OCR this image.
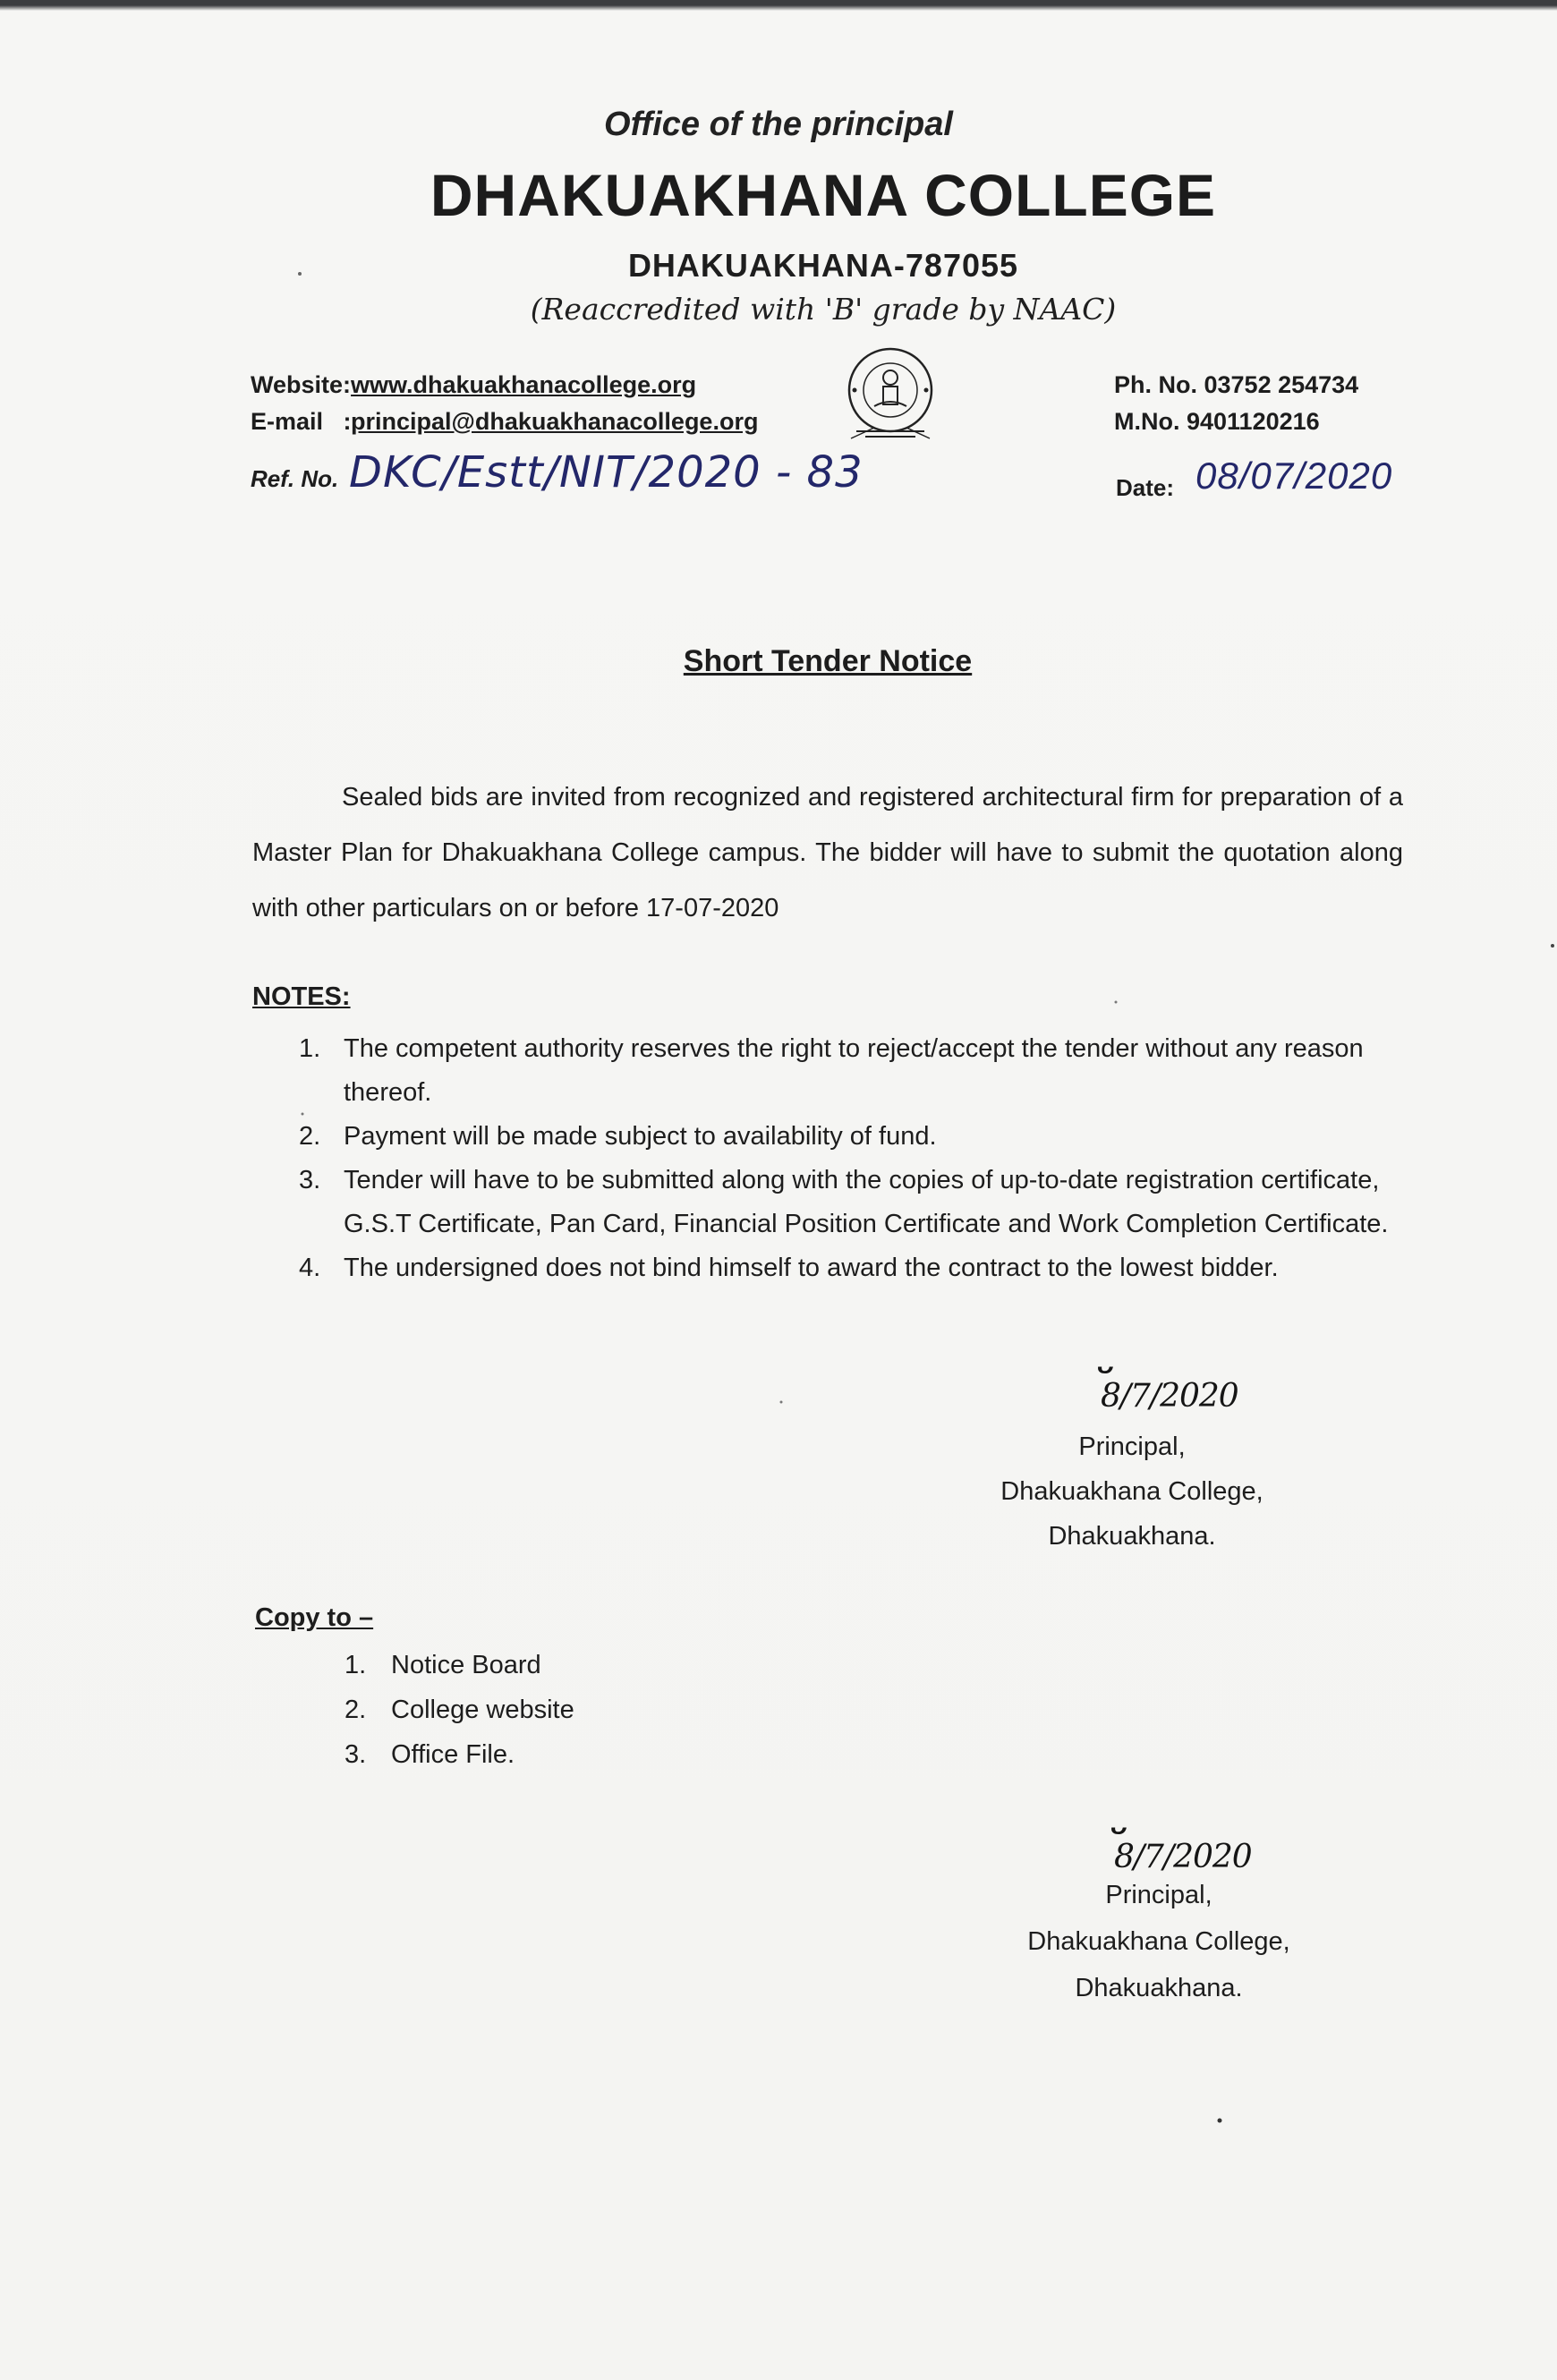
Office of the principal
DHAKUAKHANA COLLEGE
DHAKUAKHANA-787055
(Reaccredited with 'B' grade by NAAC)
Website:www.dhakuakhanacollege.org
E-mail   :principal@dhakuakhanacollege.org
Ph. No. 03752 254734
M.No. 9401120216
Ref. No. DKC/Estt/NIT/2020 - 83	Date: 08/07/2020
Short Tender Notice
Sealed bids are invited from recognized and registered architectural firm for preparation of a Master Plan for Dhakuakhana College campus. The bidder will have to submit the quotation along with other particulars on or before 17-07-2020
NOTES:
1. The competent authority reserves the right to reject/accept the tender without any reason thereof.
2. Payment will be made subject to availability of fund.
3. Tender will have to be submitted along with the copies of up-to-date registration certificate, G.S.T Certificate, Pan Card, Financial Position Certificate and Work Completion Certificate.
4. The undersigned does not bind himself to award the contract to the lowest bidder.
8/7/2020
Principal,
Dhakuakhana College,
Dhakuakhana.
Copy to –
1. Notice Board
2. College website
3. Office File.
8/7/2020
Principal,
Dhakuakhana College,
Dhakuakhana.
